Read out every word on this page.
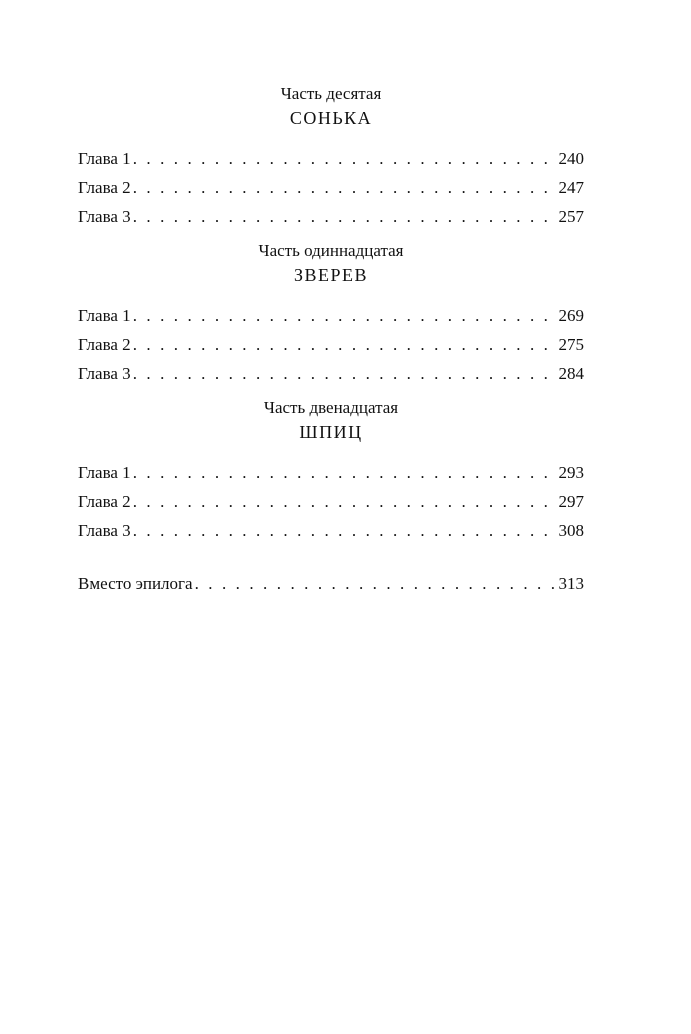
Часть десятая
СОНЬКА
Глава 1 . . .	240
Глава 2 . . .	247
Глава 3 . . .	257
Часть одиннадцатая
ЗВЕРЕВ
Глава 1 . . .	269
Глава 2 . . .	275
Глава 3 . . .	284
Часть двенадцатая
ШПИЦ
Глава 1 . . .	293
Глава 2 . . .	297
Глава 3 . . .	308
Вместо эпилога . . .	313
